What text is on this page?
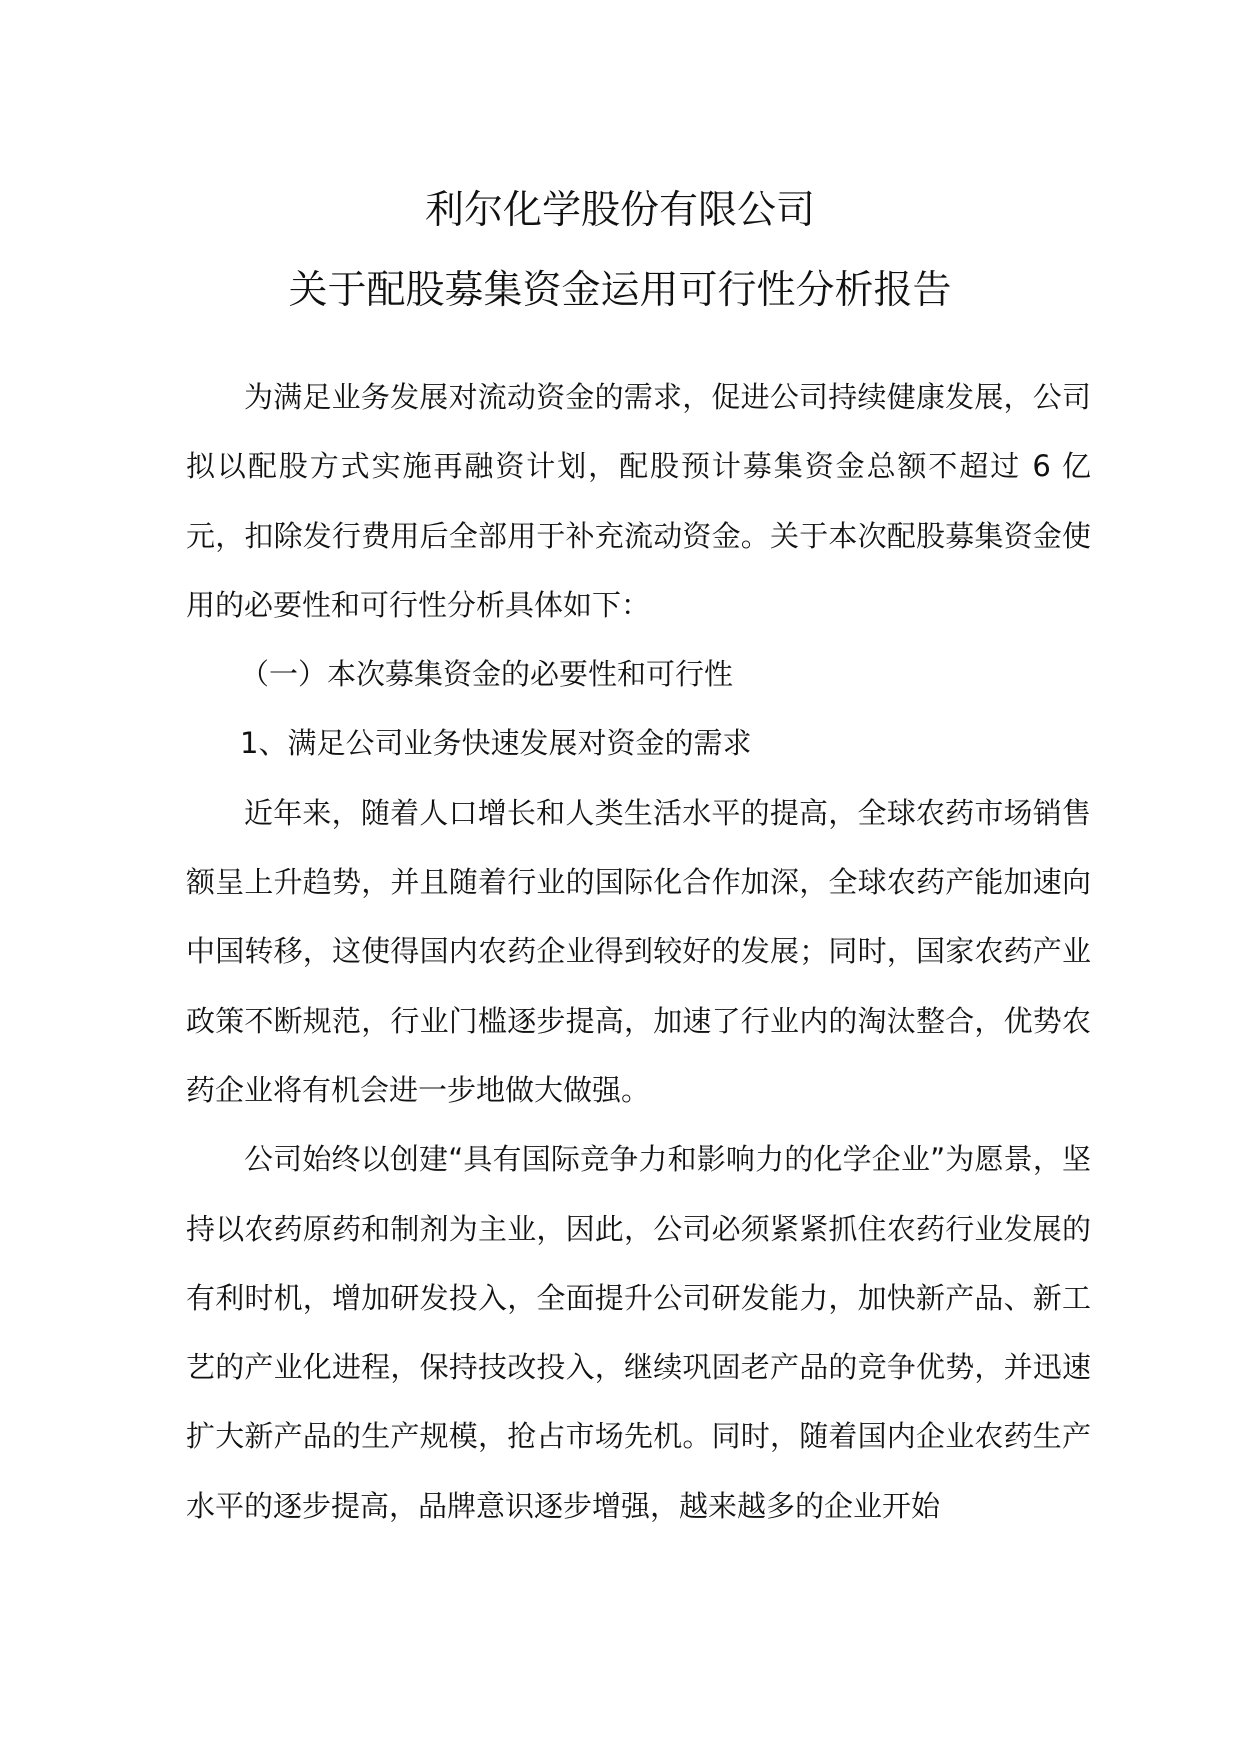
利尔化学股份有限公司
关于配股募集资金运用可行性分析报告

为满足业务发展对流动资金的需求，促进公司持续健康发展，公司拟以配股方式实施再融资计划，配股预计募集资金总额不超过 6 亿元，扣除发行费用后全部用于补充流动资金。关于本次配股募集资金使用的必要性和可行性分析具体如下：

（一）本次募集资金的必要性和可行性

1、满足公司业务快速发展对资金的需求

近年来，随着人口增长和人类生活水平的提高，全球农药市场销售额呈上升趋势，并且随着行业的国际化合作加深，全球农药产能加速向中国转移，这使得国内农药企业得到较好的发展；同时，国家农药产业政策不断规范，行业门槛逐步提高，加速了行业内的淘汰整合，优势农药企业将有机会进一步地做大做强。

公司始终以创建“具有国际竞争力和影响力的化学企业”为愿景，坚持以农药原药和制剂为主业，因此，公司必须紧紧抓住农药行业发展的有利时机，增加研发投入，全面提升公司研发能力，加快新产品、新工艺的产业化进程，保持技改投入，继续巩固老产品的竞争优势，并迅速扩大新产品的生产规模，抢占市场先机。同时，随着国内企业农药生产水平的逐步提高，品牌意识逐步增强，越来越多的企业开始
